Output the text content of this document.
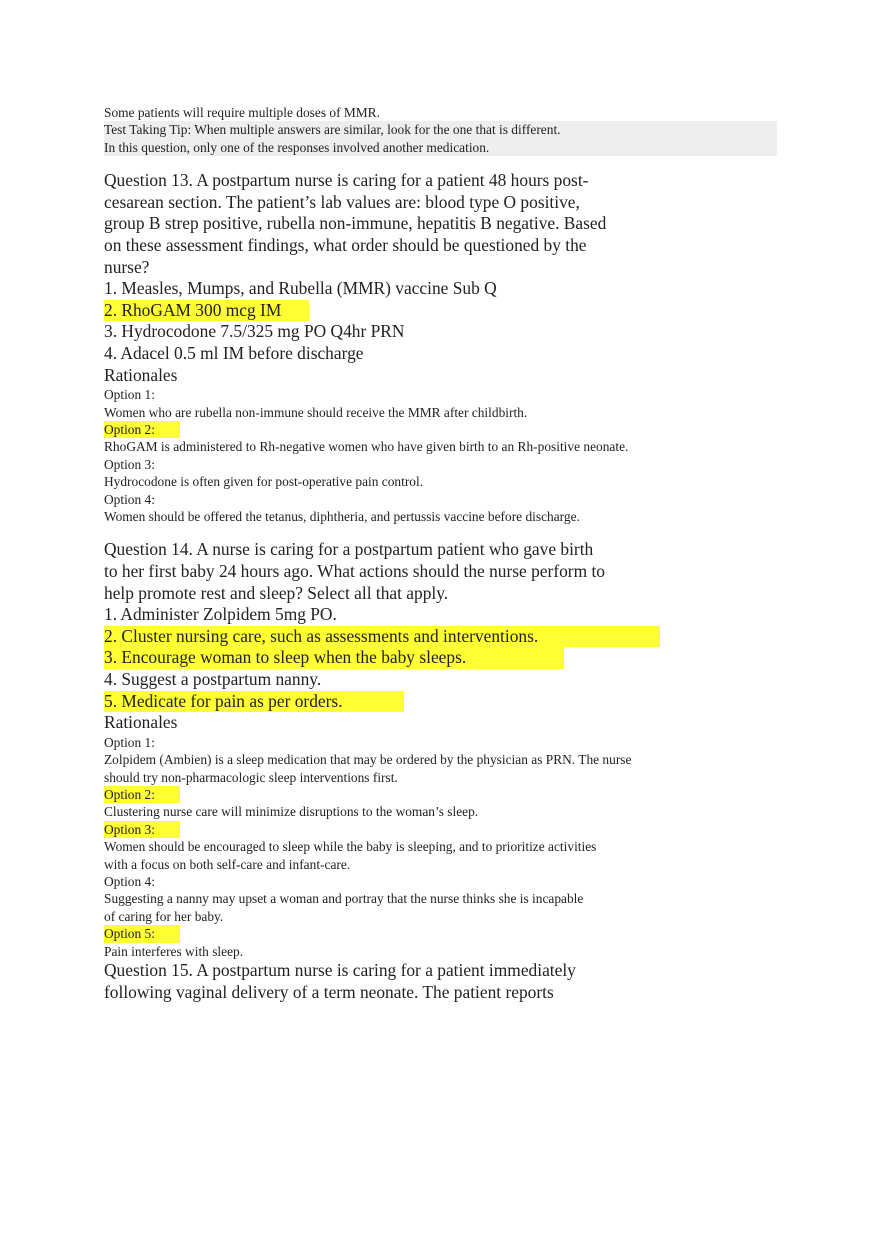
Some patients will require multiple doses of MMR.

Test Taking Tip: When multiple answers are similar, look for the one that is different.

In this question, only one of the responses involved another medication.

Question 13. A postpartum nurse is caring for a patient 48 hours post-cesarean section. The patient’s lab values are: blood type O positive, group B strep positive, rubella non-immune, hepatitis B negative. Based on these assessment findings, what order should be questioned by the nurse?

1. Measles, Mumps, and Rubella (MMR) vaccine Sub Q

2. RhoGAM 300 mcg IM

3. Hydrocodone 7.5/325 mg PO Q4hr PRN

4. Adacel 0.5 ml IM before discharge

Rationales

Option 1:

Women who are rubella non-immune should receive the MMR after childbirth.

Option 2:

RhoGAM is administered to Rh-negative women who have given birth to an Rh-positive neonate.

Option 3:

Hydrocodone is often given for post-operative pain control.

Option 4:

Women should be offered the tetanus, diphtheria, and pertussis vaccine before discharge.

Question 14. A nurse is caring for a postpartum patient who gave birth to her first baby 24 hours ago. What actions should the nurse perform to help promote rest and sleep? Select all that apply.

1. Administer Zolpidem 5mg PO.

2. Cluster nursing care, such as assessments and interventions.

3. Encourage woman to sleep when the baby sleeps.

4. Suggest a postpartum nanny.

5. Medicate for pain as per orders.

Rationales

Option 1:

Zolpidem (Ambien) is a sleep medication that may be ordered by the physician as PRN. The nurse should try non-pharmacologic sleep interventions first.

Option 2:

Clustering nurse care will minimize disruptions to the woman’s sleep.

Option 3:

Women should be encouraged to sleep while the baby is sleeping, and to prioritize activities with a focus on both self-care and infant-care.

Option 4:

Suggesting a nanny may upset a woman and portray that the nurse thinks she is incapable of caring for her baby.

Option 5:

Pain interferes with sleep.

Question 15. A postpartum nurse is caring for a patient immediately following vaginal delivery of a term neonate. The patient reports
